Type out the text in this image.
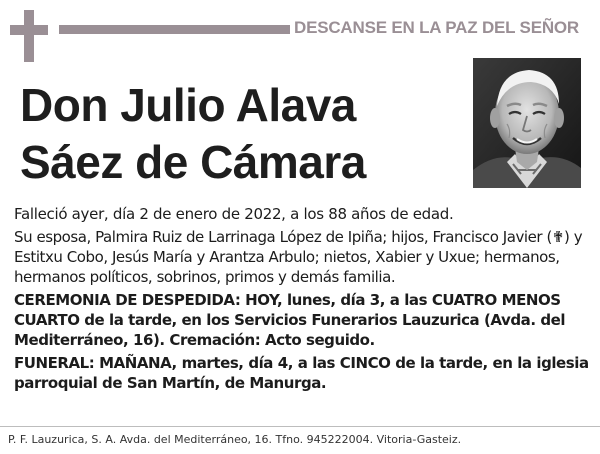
DESCANSE EN LA PAZ DEL SEÑOR
Don Julio Alava
Sáez de Cámara

Falleció ayer, día 2 de enero de 2022, a los 88 años de edad.

Su esposa, Palmira Ruiz de Larrinaga López de Ipiña; hijos, Francisco Javier (✟) y Estitxu Cobo, Jesús María y Arantza Arbulo; nietos, Xabier y Uxue; hermanos, hermanos políticos, sobrinos, primos y demás familia.

CEREMONIA DE DESPEDIDA: HOY, lunes, día 3, a las CUATRO MENOS CUARTO de la tarde, en los Servicios Funerarios Lauzurica (Avda. del Mediterráneo, 16). Cremación: Acto seguido.

FUNERAL: MAÑANA, martes, día 4, a las CINCO de la tarde, en la iglesia parroquial de San Martín, de Manurga.

P. F. Lauzurica, S. A. Avda. del Mediterráneo, 16. Tfno. 945222004. Vitoria-Gasteiz.
